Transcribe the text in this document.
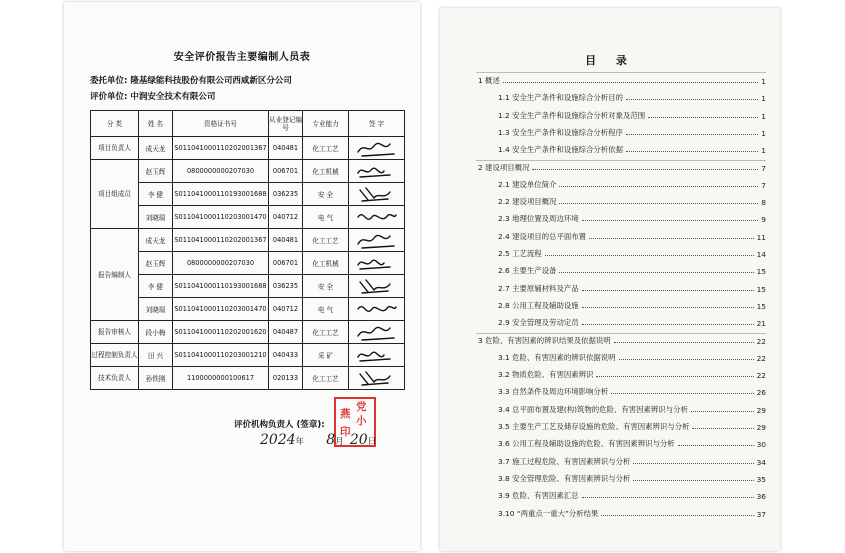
安全评价报告主要编制人员表
委托单位: 隆基绿能科技股份有限公司西咸新区分公司
评价单位: 中润安全技术有限公司
分 类	姓 名	资格证书号	从业登记编号	专业能力	签 字
项目负责人	成天龙	S011041000110202001367	040481	化工工艺	

项目组成员	赵玉辉	0800000000207030	006701	化工机械	

	李 健	S011041000110193001688	036235	安 全	

	刘晓瑞	S011041000110203001470	040712	电 气	

报告编制人	成天龙	S011041000110202001367	040481	化工工艺	

	赵玉辉	0800000000207030	006701	化工机械	

	李 健	S011041000110193001688	036235	安 全	

	刘晓瑞	S011041000110203001470	040712	电 气	

报告审核人	段小梅	S011041000110202001620	040487	化工工艺	

过程控制负责人	田 兴	S011041000110203001210	040433	采 矿	

技术负责人	孙铁刚	1100000000100617	020133	化工工艺	
评价机构负责人 (签章):
党
小
燕
印
2024年 8月 20日
目 录
1 概述	1
1.1 安全生产条件和设施综合分析目的	1
1.2 安全生产条件和设施综合分析对象及范围	1
1.3 安全生产条件和设施综合分析程序	1
1.4 安全生产条件和设施综合分析依据	1
2 建设项目概况	7
2.1 建设单位简介	7
2.2 建设项目概况	8
2.3 地理位置及周边环境	9
2.4 建设项目的总平面布置	11
2.5 工艺流程	14
2.6 主要生产设备	15
2.7 主要原辅材料及产品	15
2.8 公用工程及辅助设施	15
2.9 安全管理及劳动定员	21
3 危险、有害因素的辨识结果及依据说明	22
3.1 危险、有害因素的辨识依据说明	22
3.2 物质危险、有害因素辨识	22
3.3 自然条件及周边环境影响分析	26
3.4 总平面布置及建(构)筑物的危险、有害因素辨识与分析	29
3.5 主要生产工艺及储存设施的危险、有害因素辨识与分析	29
3.6 公用工程及辅助设施的危险、有害因素辨识与分析	30
3.7 施工过程危险、有害因素辨识与分析	34
3.8 安全管理危险、有害因素辨识与分析	35
3.9 危险、有害因素汇总	36
3.10 “两重点一重大”分析结果	37
